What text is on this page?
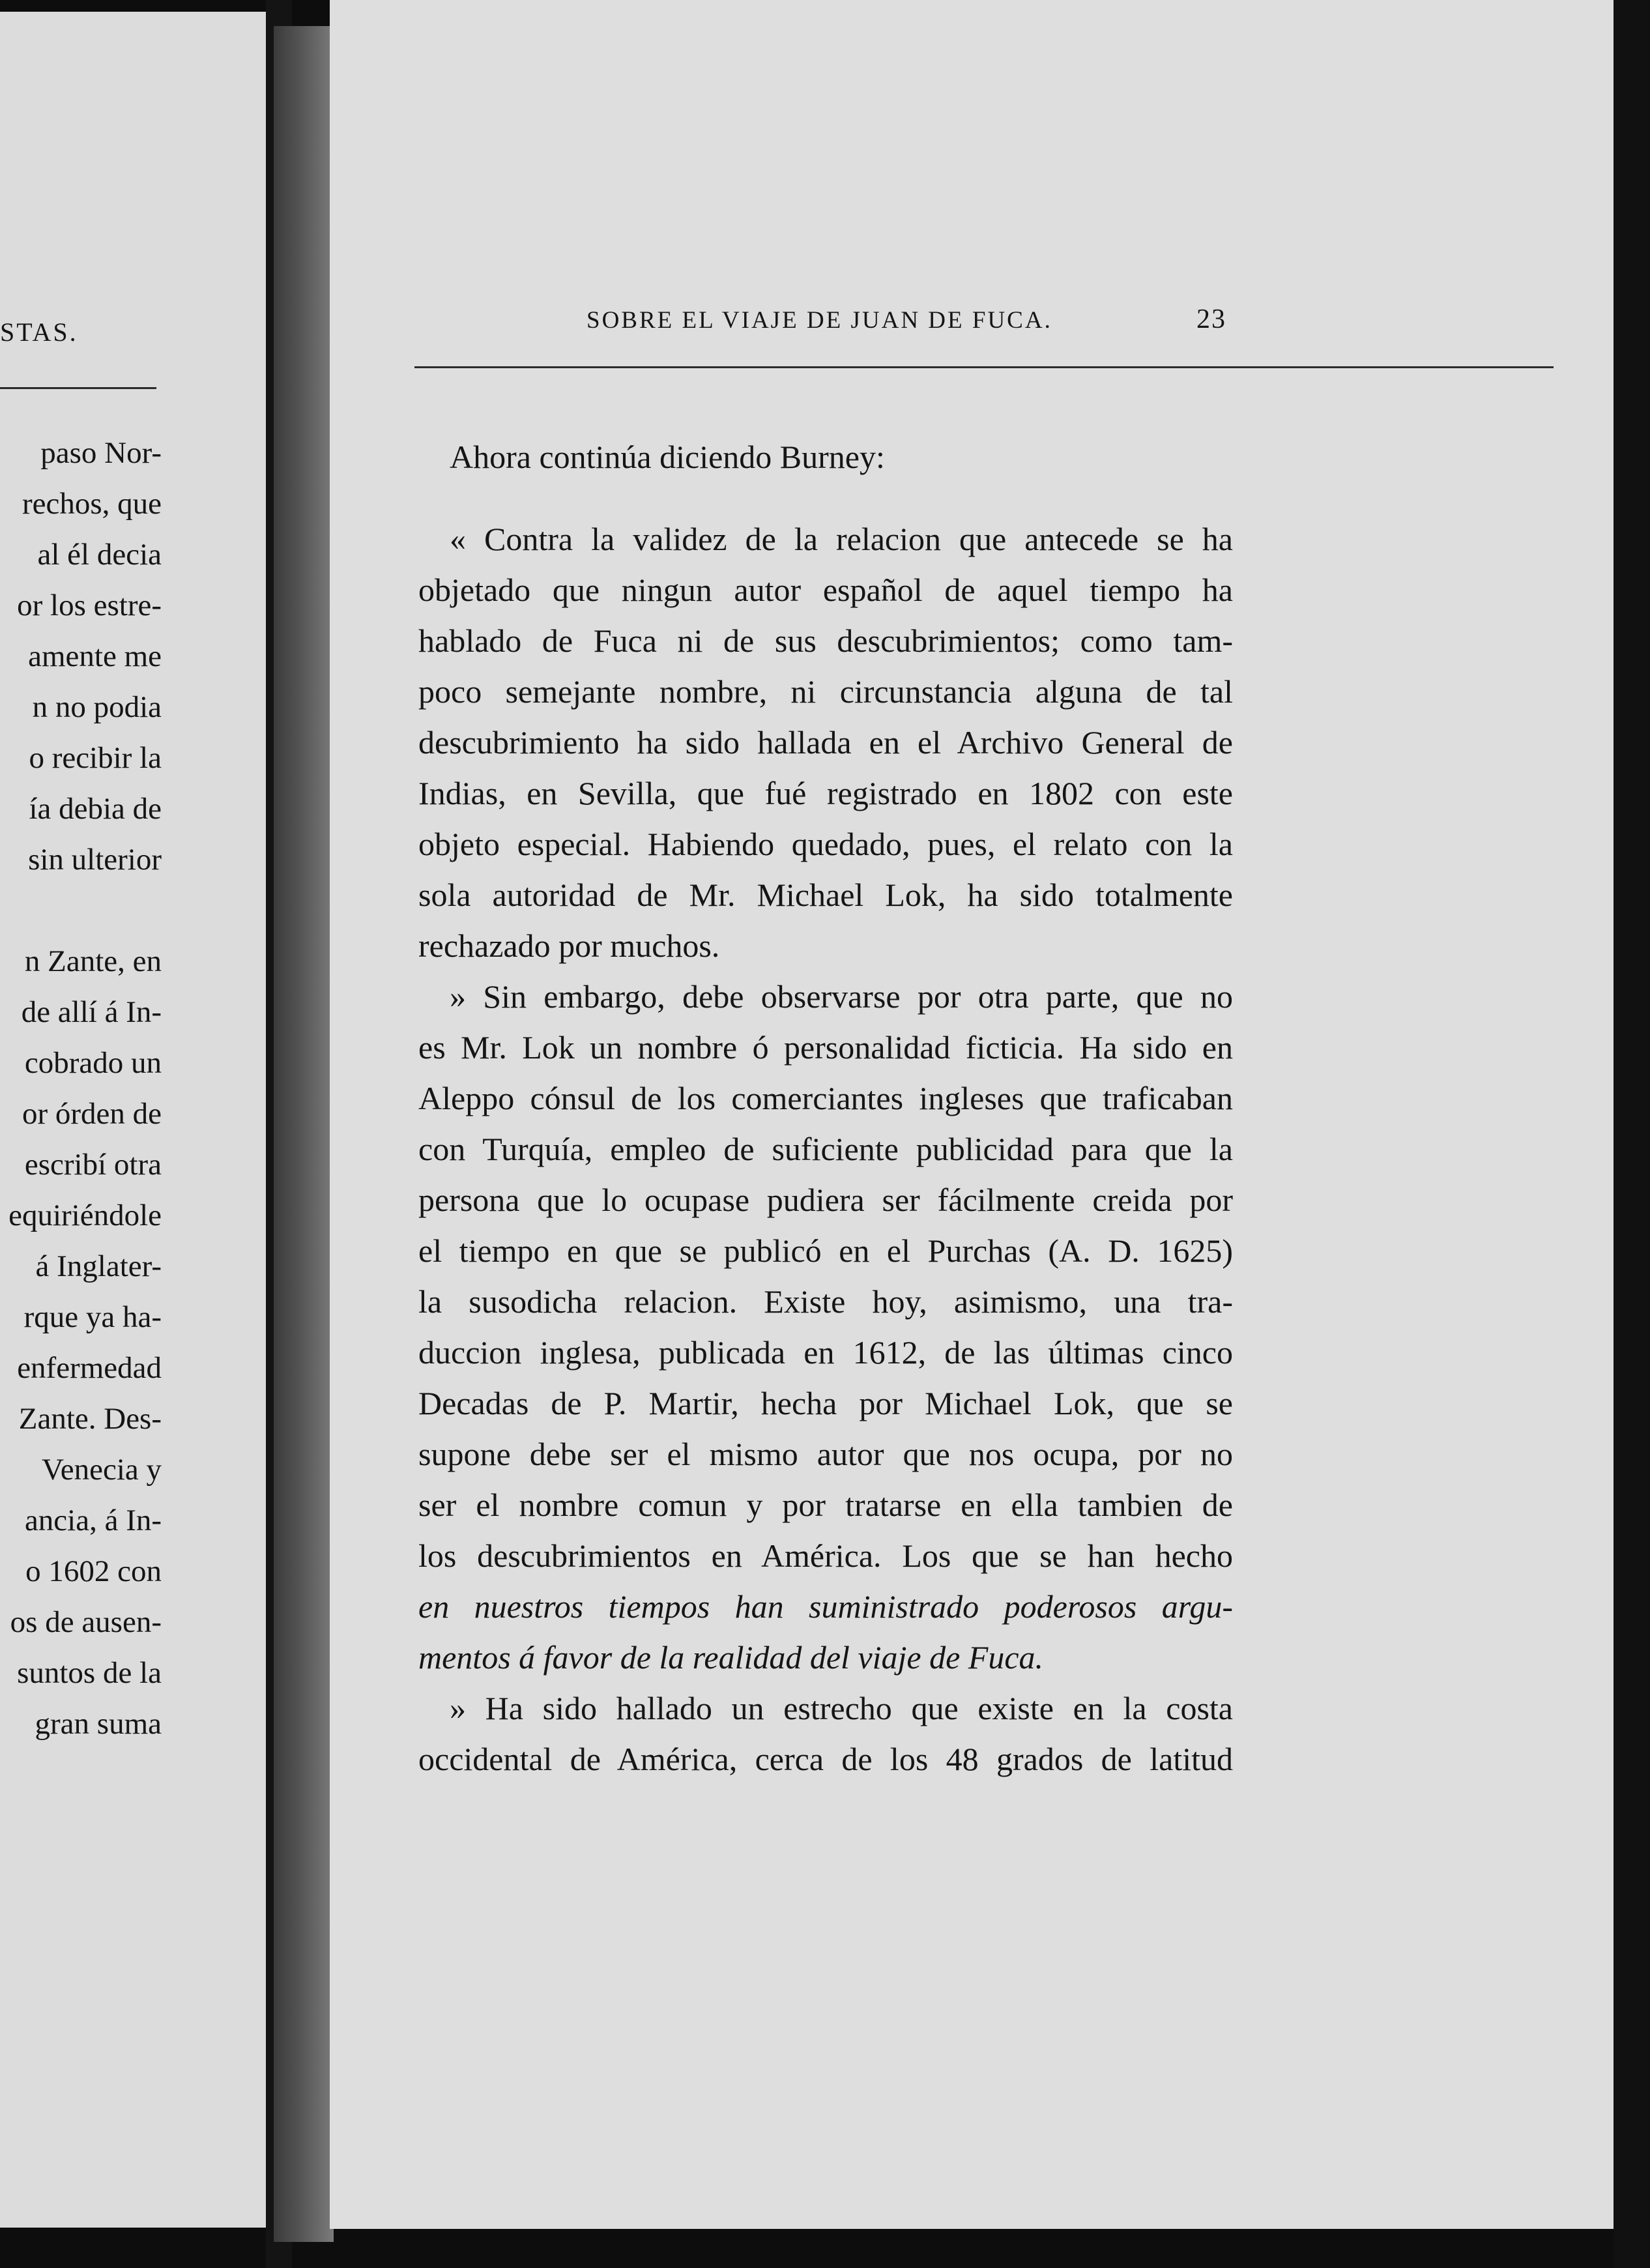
STAS.
paso Nor-
rechos, que
al él decia
or los estre-
amente me
n no podia
o recibir la
ía debia de
sin ulterior
n Zante, en
de allí á In-
cobrado un
or órden de
escribí otra
equiriéndole
á Inglater-
rque ya ha-
enfermedad
Zante. Des-
Venecia y
ancia, á In-
o 1602 con
os de ausen-
suntos de la
gran suma
SOBRE EL VIAJE DE JUAN DE FUCA.	23
Ahora continúa diciendo Burney:
« Contra la validez de la relacion que antecede se ha
objetado que ningun autor español de aquel tiempo ha
hablado de Fuca ni de sus descubrimientos; como tam-
poco semejante nombre, ni circunstancia alguna de tal
descubrimiento ha sido hallada en el Archivo General de
Indias, en Sevilla, que fué registrado en 1802 con este
objeto especial. Habiendo quedado, pues, el relato con la
sola autoridad de Mr. Michael Lok, ha sido totalmente
rechazado por muchos.
» Sin embargo, debe observarse por otra parte, que no
es Mr. Lok un nombre ó personalidad ficticia. Ha sido en
Aleppo cónsul de los comerciantes ingleses que traficaban
con Turquía, empleo de suficiente publicidad para que la
persona que lo ocupase pudiera ser fácilmente creida por
el tiempo en que se publicó en el Purchas (A. D. 1625)
la susodicha relacion. Existe hoy, asimismo, una tra-
duccion inglesa, publicada en 1612, de las últimas cinco
Decadas de P. Martir, hecha por Michael Lok, que se
supone debe ser el mismo autor que nos ocupa, por no
ser el nombre comun y por tratarse en ella tambien de
los descubrimientos en América. Los que se han hecho
en nuestros tiempos han suministrado poderosos argu-
mentos á favor de la realidad del viaje de Fuca.
» Ha sido hallado un estrecho que existe en la costa
occidental de América, cerca de los 48 grados de latitud
